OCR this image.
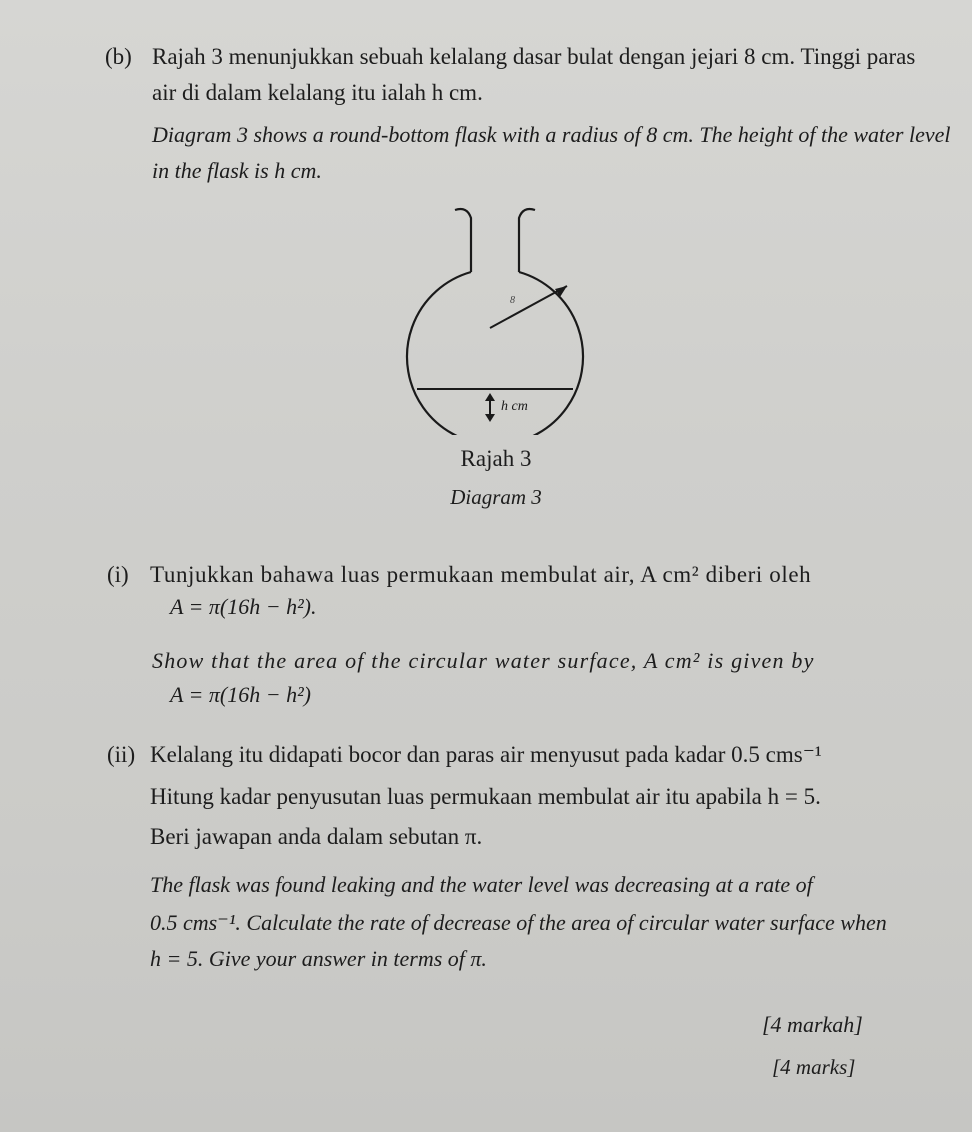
(b) Rajah 3 menunjukkan sebuah kelalang dasar bulat dengan jejari 8 cm. Tinggi paras
air di dalam kelalang itu ialah h cm.
Diagram 3 shows a round-bottom flask with a radius of 8 cm. The height of the water level
in the flask is h cm.
8
h cm
Rajah 3
Diagram 3
(i) Tunjukkan bahawa luas permukaan membulat air, A cm² diberi oleh
A = π(16h − h²).
Show that the area of the circular water surface, A cm² is given by
A = π(16h − h²)
(ii) Kelalang itu didapati bocor dan paras air menyusut pada kadar 0.5 cms⁻¹
Hitung kadar penyusutan luas permukaan membulat air itu apabila h = 5.
Beri jawapan anda dalam sebutan π.
The flask was found leaking and the water level was decreasing at a rate of
0.5 cms⁻¹. Calculate the rate of decrease of the area of circular water surface when
h = 5. Give your answer in terms of π.
[4 markah]
[4 marks]
